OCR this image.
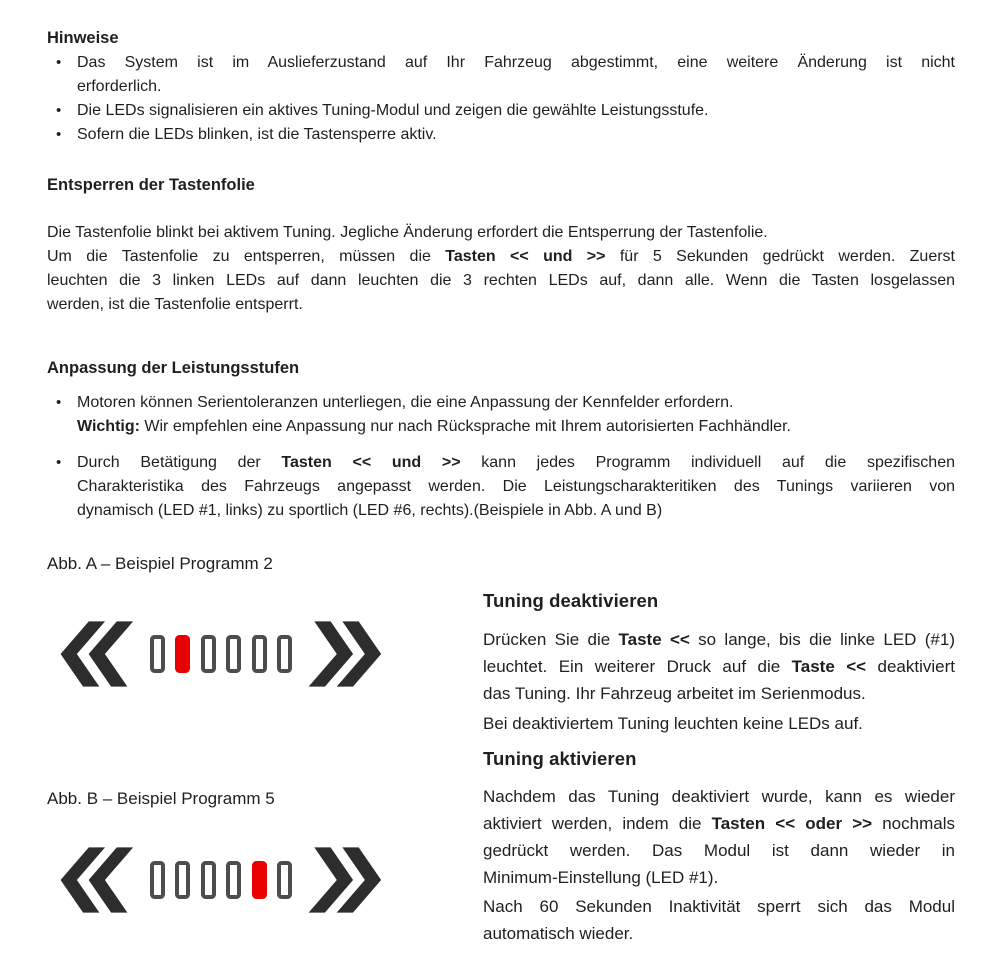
Hinweise
• Das System ist im Auslieferzustand auf Ihr Fahrzeug abgestimmt, eine weitere Änderung ist nicht
erforderlich.
• Die LEDs signalisieren ein aktives Tuning-Modul und zeigen die gewählte Leistungsstufe.
• Sofern die LEDs blinken, ist die Tastensperre aktiv.
Entsperren der Tastenfolie
Die Tastenfolie blinkt bei aktivem Tuning. Jegliche Änderung erfordert die Entsperrung der Tastenfolie.
Um die Tastenfolie zu entsperren, müssen die Tasten << und >> für 5 Sekunden gedrückt werden. Zuerst
leuchten die 3 linken LEDs auf dann leuchten die 3 rechten LEDs auf, dann alle. Wenn die Tasten losgelassen
werden, ist die Tastenfolie entsperrt.
Anpassung der Leistungsstufen
• Motoren können Serientoleranzen unterliegen, die eine Anpassung der Kennfelder erfordern.
Wichtig: Wir empfehlen eine Anpassung nur nach Rücksprache mit Ihrem autorisierten Fachhändler.
• Durch Betätigung der Tasten << und >> kann jedes Programm individuell auf die spezifischen
Charakteristika des Fahrzeugs angepasst werden. Die Leistungscharakteritiken des Tunings variieren von
dynamisch (LED #1, links) zu sportlich (LED #6, rechts).(Beispiele in Abb. A und B)
Abb. A – Beispiel Programm 2
Abb. B – Beispiel Programm 5
Tuning deaktivieren
Drücken Sie die Taste << so lange, bis die linke LED (#1)
leuchtet. Ein weiterer Druck auf die Taste << deaktiviert
das Tuning. Ihr Fahrzeug arbeitet im Serienmodus.
Bei deaktiviertem Tuning leuchten keine LEDs auf.
Tuning aktivieren
Nachdem das Tuning deaktiviert wurde, kann es wieder
aktiviert werden, indem die Tasten << oder >> nochmals
gedrückt werden. Das Modul ist dann wieder in
Minimum-Einstellung (LED #1).
Nach 60 Sekunden Inaktivität sperrt sich das Modul
automatisch wieder.
